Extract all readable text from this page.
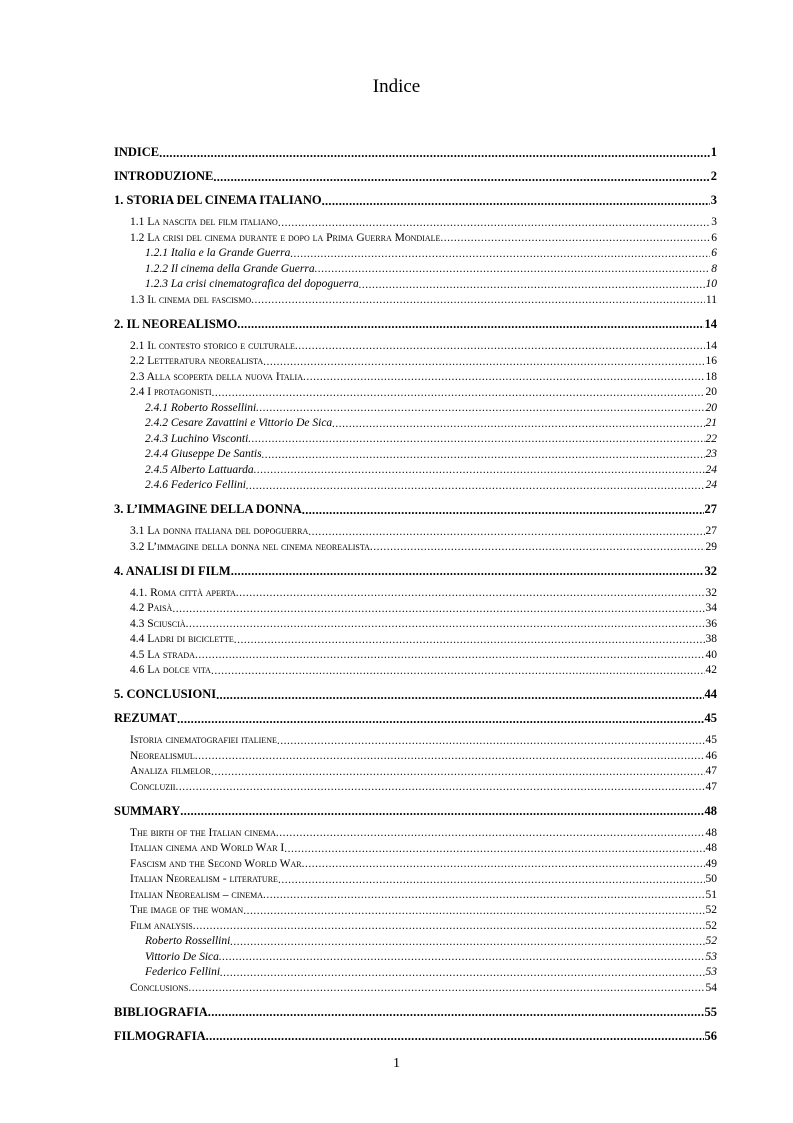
Indice
INDICE .....	1
INTRODUZIONE .....	2
1. STORIA DEL CINEMA ITALIANO .....	3
1.1 La nascita del film italiano .....	3
1.2 La crisi del cinema durante e dopo la Prima Guerra Mondiale .....	6
1.2.1 Italia e la Grande Guerra .....	6
1.2.2 Il cinema della Grande Guerra .....	8
1.2.3 La crisi cinematografica del dopoguerra .....	10
1.3 Il cinema del fascismo .....	11
2. IL NEOREALISMO .....	14
2.1 Il contesto storico e culturale .....	14
2.2 Letteratura neorealista .....	16
2.3 Alla scoperta della nuova Italia .....	18
2.4 I protagonisti .....	20
2.4.1 Roberto Rossellini .....	20
2.4.2 Cesare Zavattini e Vittorio De Sica .....	21
2.4.3 Luchino Visconti .....	22
2.4.4 Giuseppe De Santis .....	23
2.4.5 Alberto Lattuarda .....	24
2.4.6 Federico Fellini .....	24
3. L’IMMAGINE DELLA DONNA .....	27
3.1 La donna italiana del dopoguerra .....	27
3.2 L’immagine della donna nel cinema neorealista .....	29
4. ANALISI DI FILM .....	32
4.1. Roma città aperta .....	32
4.2 Paisà .....	34
4.3 Sciuscià .....	36
4.4 Ladri di biciclette .....	38
4.5 La strada .....	40
4.6 La dolce vita .....	42
5. CONCLUSIONI .....	44
REZUMAT .....	45
Istoria cinematografiei italiene .....	45
Neorealismul .....	46
Analiza filmelor .....	47
Concluzii .....	47
SUMMARY .....	48
The birth of the Italian cinema .....	48
Italian cinema and World War I .....	48
Fascism and the Second World War .....	49
Italian Neorealism - literature .....	50
Italian Neorealism – cinema .....	51
The image of the woman .....	52
Film analysis .....	52
Roberto Rossellini .....	52
Vittorio De Sica .....	53
Federico Fellini .....	53
Conclusions .....	54
BIBLIOGRAFIA .....	55
FILMOGRAFIA .....	56
1
